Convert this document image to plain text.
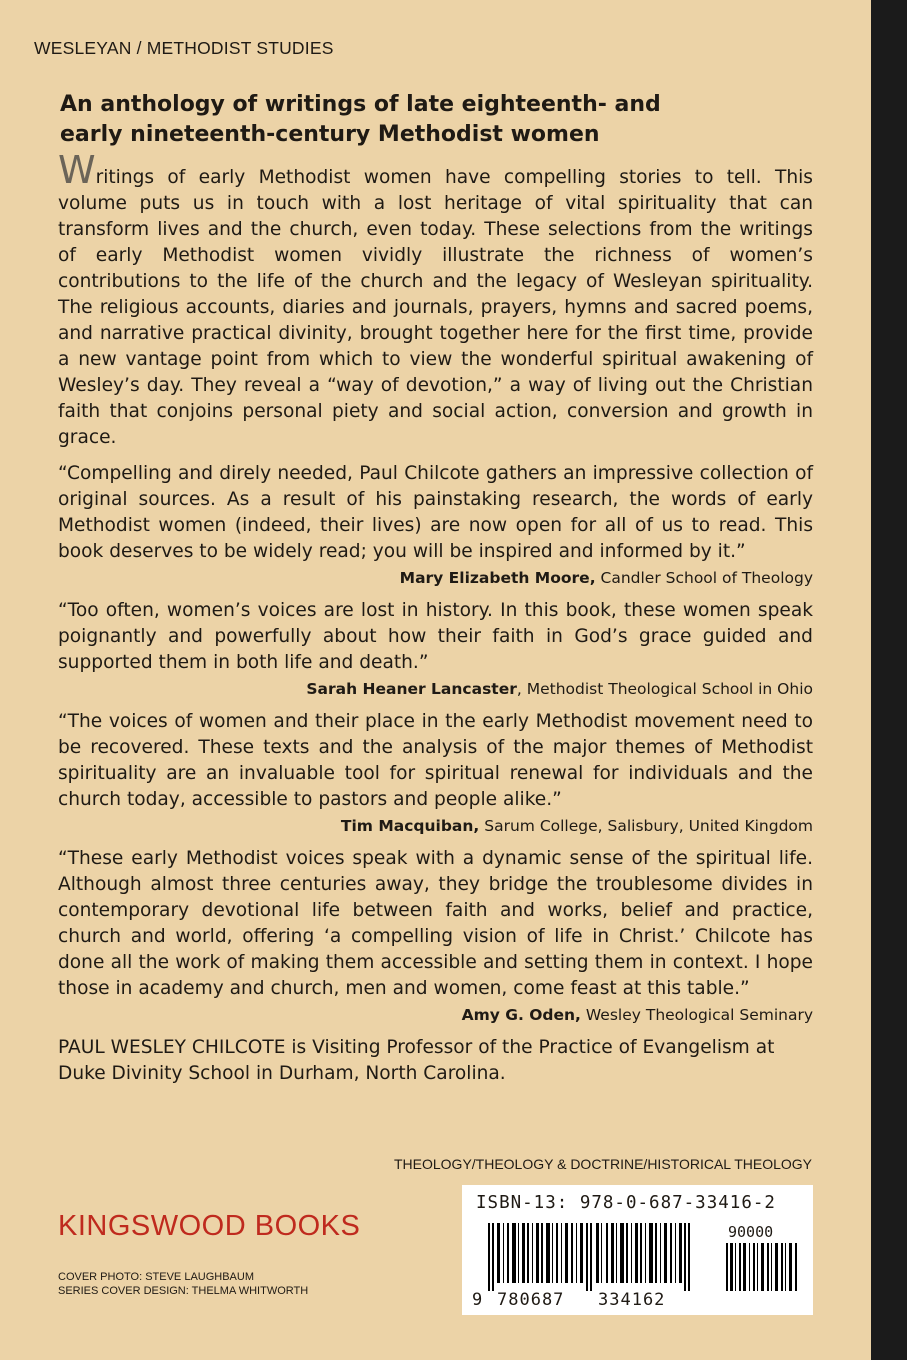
WESLEYAN / METHODIST STUDIES
An anthology of writings of late eighteenth- and
early nineteenth-century Methodist women

Writings of early Methodist women have compelling stories to tell. This volume puts us in touch with a lost heritage of vital spirituality that can transform lives and the church, even today. These selections from the writings of early Methodist women vividly illustrate the richness of women’s contributions to the life of the church and the legacy of Wesleyan spirituality. The religious accounts, diaries and journals, prayers, hymns and sacred poems, and narrative practical divinity, brought together here for the first time, provide a new vantage point from which to view the wonderful spiritual awakening of Wesley’s day. They reveal a “way of devotion,” a way of living out the Christian faith that conjoins personal piety and social action, conversion and growth in grace.

“Compelling and direly needed, Paul Chilcote gathers an impressive collection of original sources. As a result of his painstaking research, the words of early Methodist women (indeed, their lives) are now open for all of us to read. This book deserves to be widely read; you will be inspired and informed by it.”

Mary Elizabeth Moore, Candler School of Theology

“Too often, women’s voices are lost in history. In this book, these women speak poignantly and powerfully about how their faith in God’s grace guided and supported them in both life and death.”

Sarah Heaner Lancaster, Methodist Theological School in Ohio

“The voices of women and their place in the early Methodist movement need to be recovered. These texts and the analysis of the major themes of Methodist spirituality are an invaluable tool for spiritual renewal for individuals and the church today, accessible to pastors and people alike.”

Tim Macquiban, Sarum College, Salisbury, United Kingdom

“These early Methodist voices speak with a dynamic sense of the spiritual life. Although almost three centuries away, they bridge the troublesome divides in contemporary devotional life between faith and works, belief and practice, church and world, offering ‘a compelling vision of life in Christ.’ Chilcote has done all the work of making them accessible and setting them in context. I hope those in academy and church, men and women, come feast at this table.”

Amy G. Oden, Wesley Theological Seminary

PAUL WESLEY CHILCOTE is Visiting Professor of the Practice of Evangelism at Duke Divinity School in Durham, North Carolina.

THEOLOGY/THEOLOGY & DOCTRINE/HISTORICAL THEOLOGY
KINGSWOOD BOOKS
COVER PHOTO: STEVE LAUGHBAUM
SERIES COVER DESIGN: THELMA WHITWORTH
ISBN-13: 978-0-687-33416-2
90000
9 780687 334162
